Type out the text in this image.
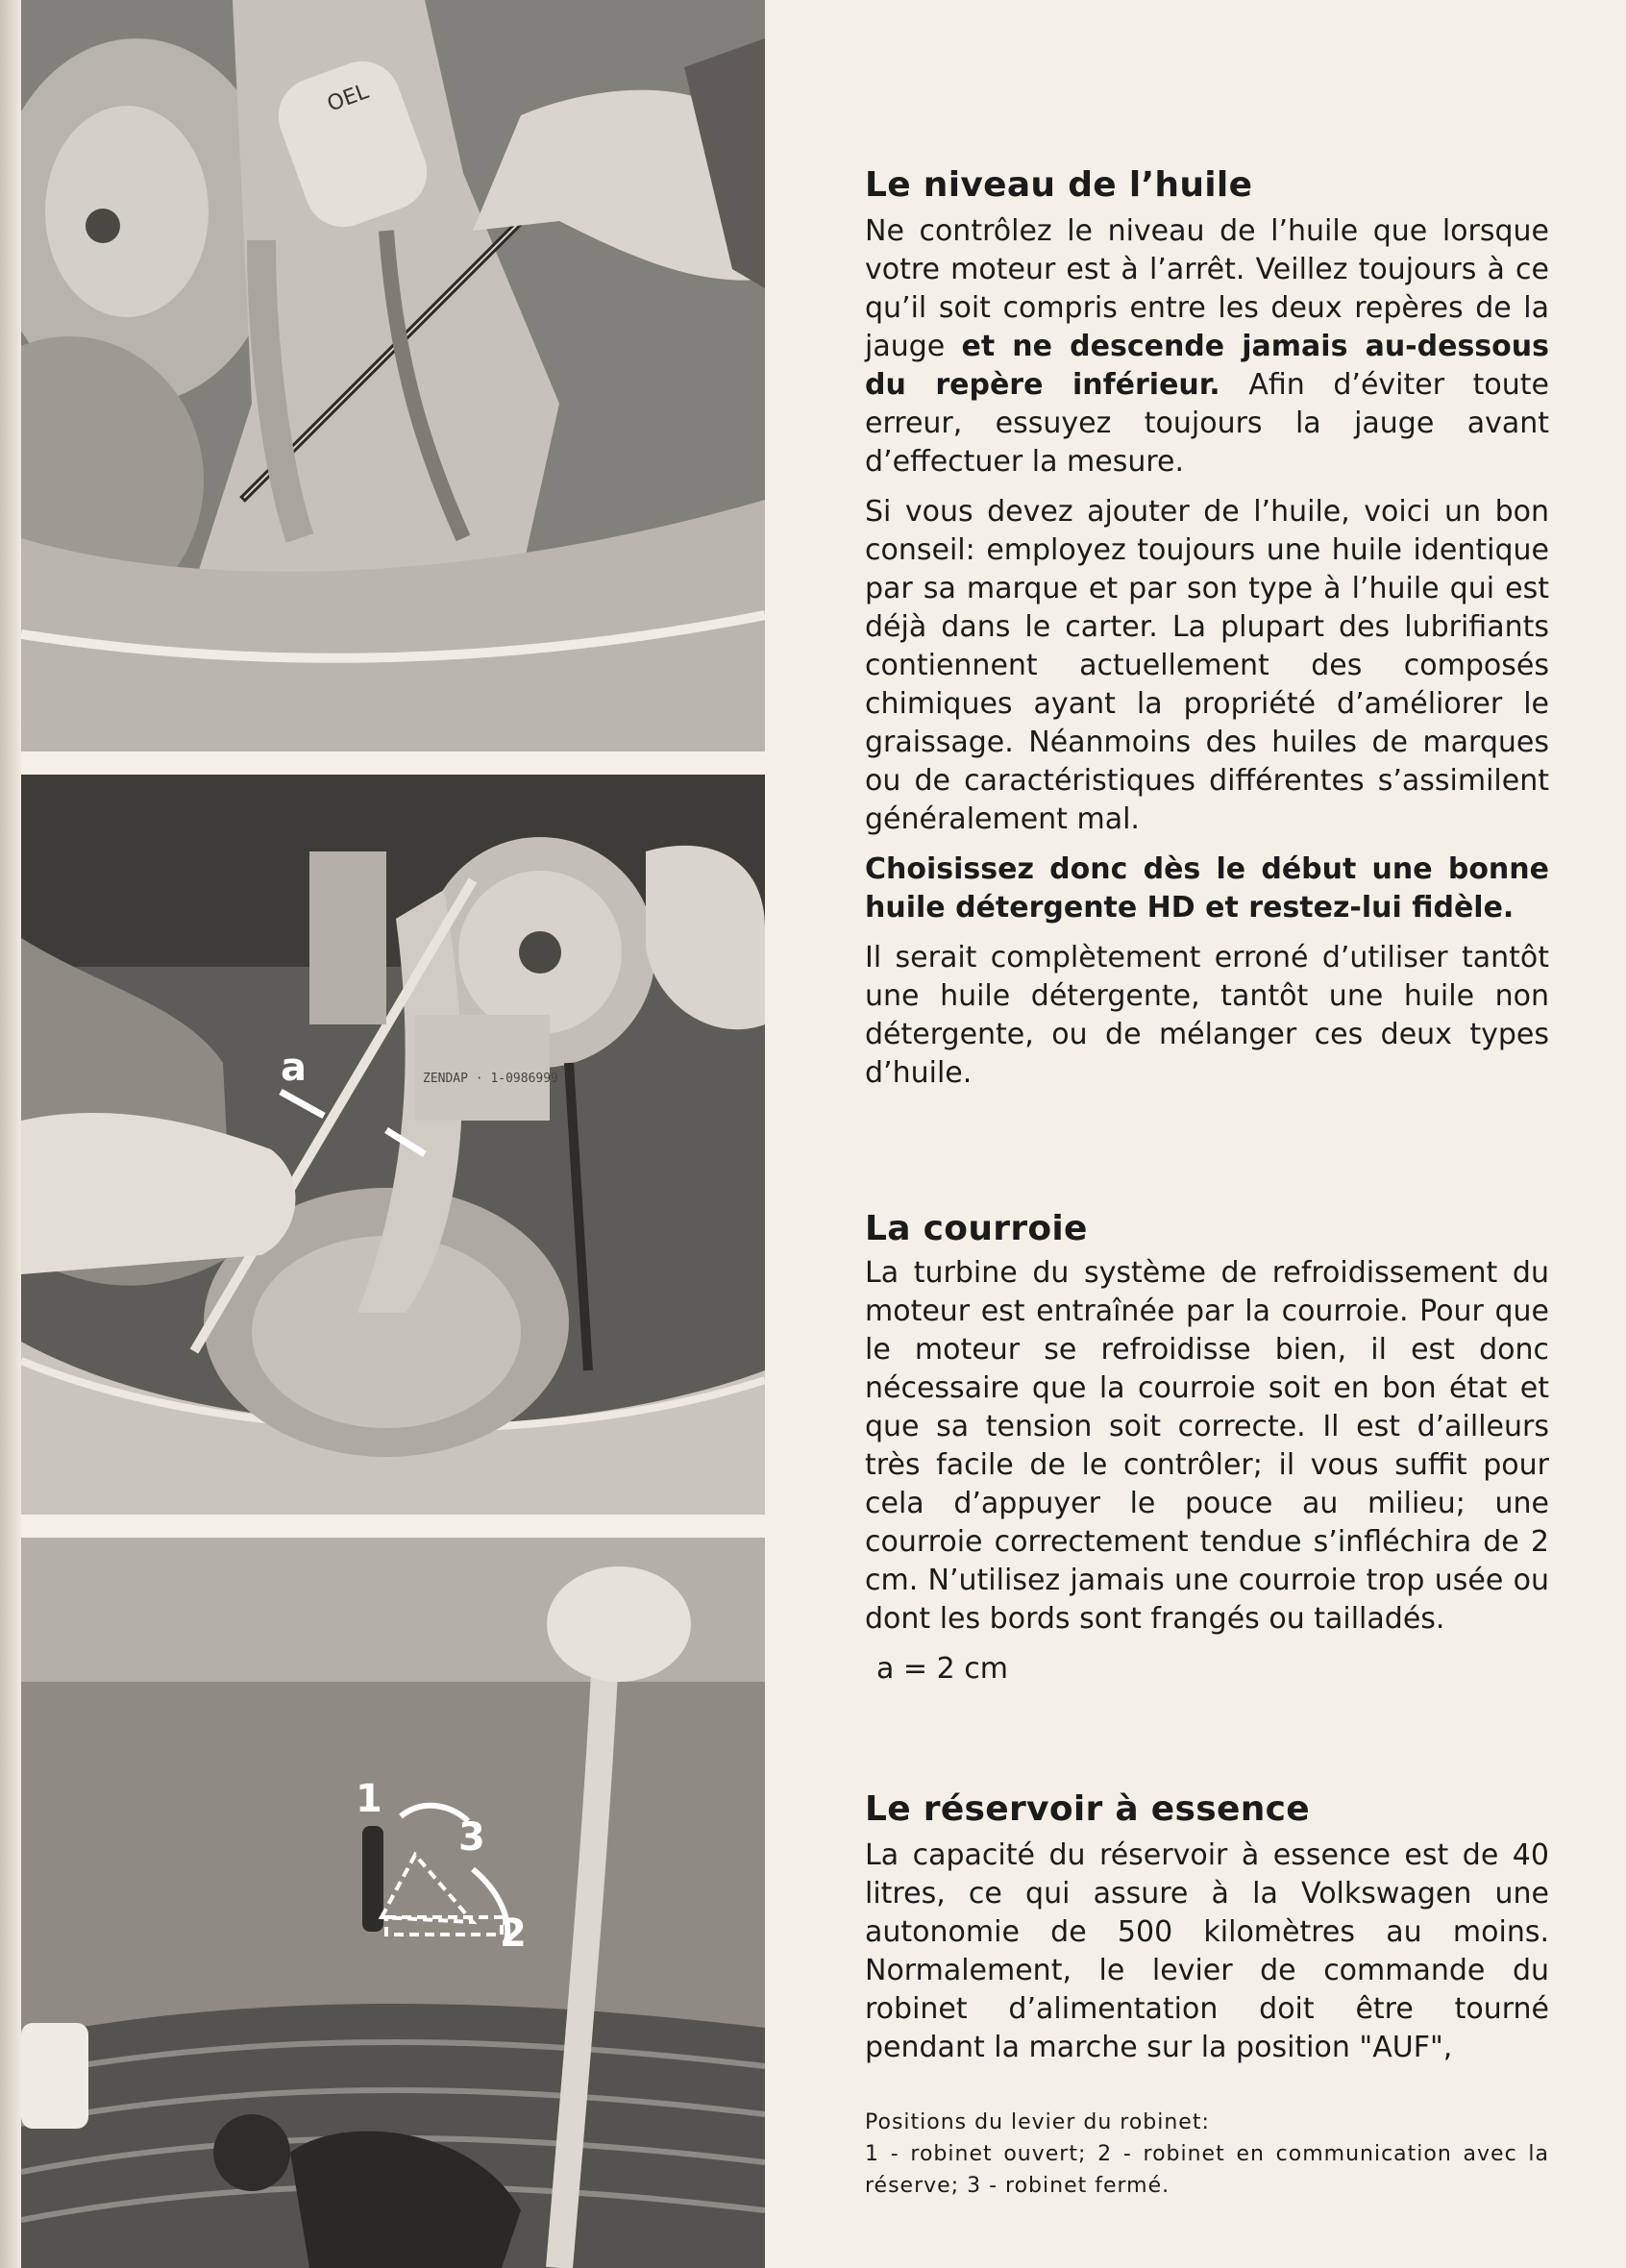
OEL
ZENDAP · 1-0986999
a
1
3
2
Le niveau de l’huile

Ne contrôlez le niveau de l’huile que lorsque votre moteur est à l’arrêt. Veillez toujours à ce qu’il soit compris entre les deux repères de la jauge et ne descende jamais au-dessous du repère inférieur. Afin d’éviter toute erreur, essuyez toujours la jauge avant d’effectuer la mesure.

Si vous devez ajouter de l’huile, voici un bon conseil: employez toujours une huile identique par sa marque et par son type à l’huile qui est déjà dans le carter. La plupart des lubrifiants contiennent actuellement des composés chimiques ayant la propriété d’améliorer le graissage. Néanmoins des huiles de marques ou de caractéristiques différentes s’assimilent généralement mal.

Choisissez donc dès le début une bonne huile détergente HD et restez-lui fidèle.

Il serait complètement erroné d’utiliser tantôt une huile détergente, tantôt une huile non détergente, ou de mélanger ces deux types d’huile.

La courroie

La turbine du système de refroidissement du moteur est entraînée par la courroie. Pour que le moteur se refroidisse bien, il est donc nécessaire que la courroie soit en bon état et que sa tension soit correcte. Il est d’ailleurs très facile de le contrôler; il vous suffit pour cela d’appuyer le pouce au milieu; une courroie correctement tendue s’infléchira de 2 cm. N’utilisez jamais une courroie trop usée ou dont les bords sont frangés ou tailladés.

a = 2 cm

Le réservoir à essence

La capacité du réservoir à essence est de 40 litres, ce qui assure à la Volkswagen une autonomie de 500 kilomètres au moins. Normalement, le levier de commande du robinet d’alimentation doit être tourné pendant la marche sur la position "AUF",

Positions du levier du robinet:

1 - robinet ouvert; 2 - robinet en communication avec la réserve; 3 - robinet fermé.
